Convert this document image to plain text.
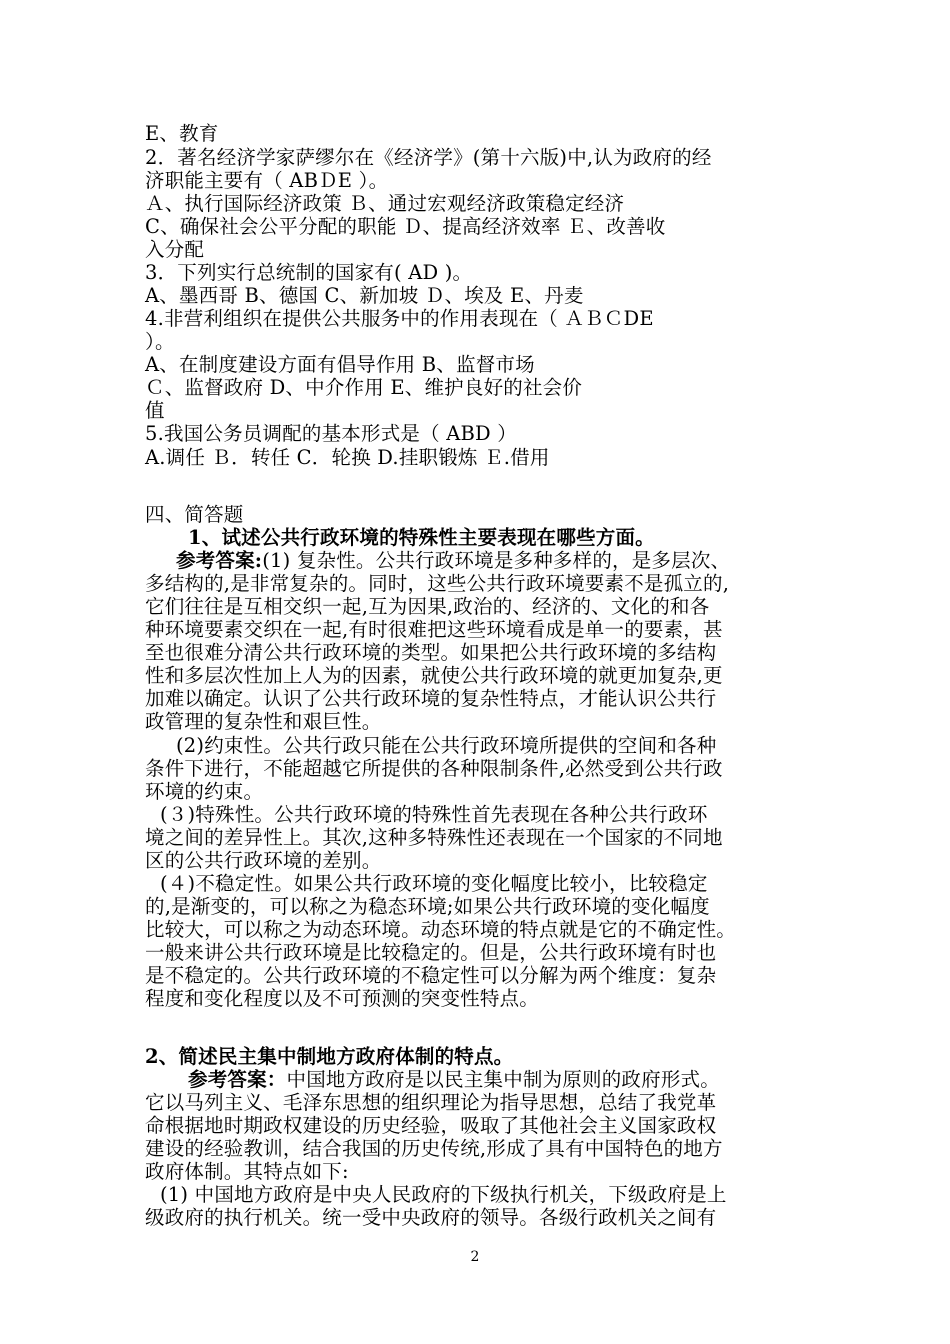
E、教育
2．著名经济学家萨缪尔在《经济学》(第十六版)中,认为政府的经
济职能主要有（ ABＤE ）。
Ａ、执行国际经济政策 Ｂ、通过宏观经济政策稳定经济
C、确保社会公平分配的职能 Ｄ、提高经济效率 Ｅ、改善收
入分配
3．下列实行总统制的国家有( AD )。
A、墨西哥 B、德国 C、新加坡 Ｄ、埃及 E、丹麦
4.非营利组织在提供公共服务中的作用表现在（ ＡＢＣDE
）。
A、在制度建设方面有倡导作用 B、监督市场
Ｃ、监督政府 D、中介作用 E、维护良好的社会价
值
5.我国公务员调配的基本形式是（ ABD ）
A.调任 Ｂ．转任 C．轮换 D.挂职锻炼 Ｅ.借用
四、简答题
1、试述公共行政环境的特殊性主要表现在哪些方面。
参考答案:(1) 复杂性。公共行政环境是多种多样的，是多层次、
多结构的,是非常复杂的。同时，这些公共行政环境要素不是孤立的,
它们往往是互相交织一起,互为因果,政治的、经济的、文化的和各
种环境要素交织在一起,有时很难把这些环境看成是单一的要素，甚
至也很难分清公共行政环境的类型。如果把公共行政环境的多结构
性和多层次性加上人为的因素，就使公共行政环境的就更加复杂,更
加难以确定。认识了公共行政环境的复杂性特点，才能认识公共行
政管理的复杂性和艰巨性。
(2)约束性。公共行政只能在公共行政环境所提供的空间和各种
条件下进行，不能超越它所提供的各种限制条件,必然受到公共行政
环境的约束。
(３)特殊性。公共行政环境的特殊性首先表现在各种公共行政环
境之间的差异性上。其次,这种多特殊性还表现在一个国家的不同地
区的公共行政环境的差别。
(４)不稳定性。如果公共行政环境的变化幅度比较小，比较稳定
的,是渐变的，可以称之为稳态环境;如果公共行政环境的变化幅度
比较大，可以称之为动态环境。动态环境的特点就是它的不确定性。
一般来讲公共行政环境是比较稳定的。但是，公共行政环境有时也
是不稳定的。公共行政环境的不稳定性可以分解为两个维度：复杂
程度和变化程度以及不可预测的突变性特点。
2、简述民主集中制地方政府体制的特点。
参考答案：中国地方政府是以民主集中制为原则的政府形式。
它以马列主义、毛泽东思想的组织理论为指导思想，总结了我党革
命根据地时期政权建设的历史经验，吸取了其他社会主义国家政权
建设的经验教训，结合我国的历史传统,形成了具有中国特色的地方
政府体制。其特点如下:
(1) 中国地方政府是中央人民政府的下级执行机关，下级政府是上
级政府的执行机关。统一受中央政府的领导。各级行政机关之间有
2
